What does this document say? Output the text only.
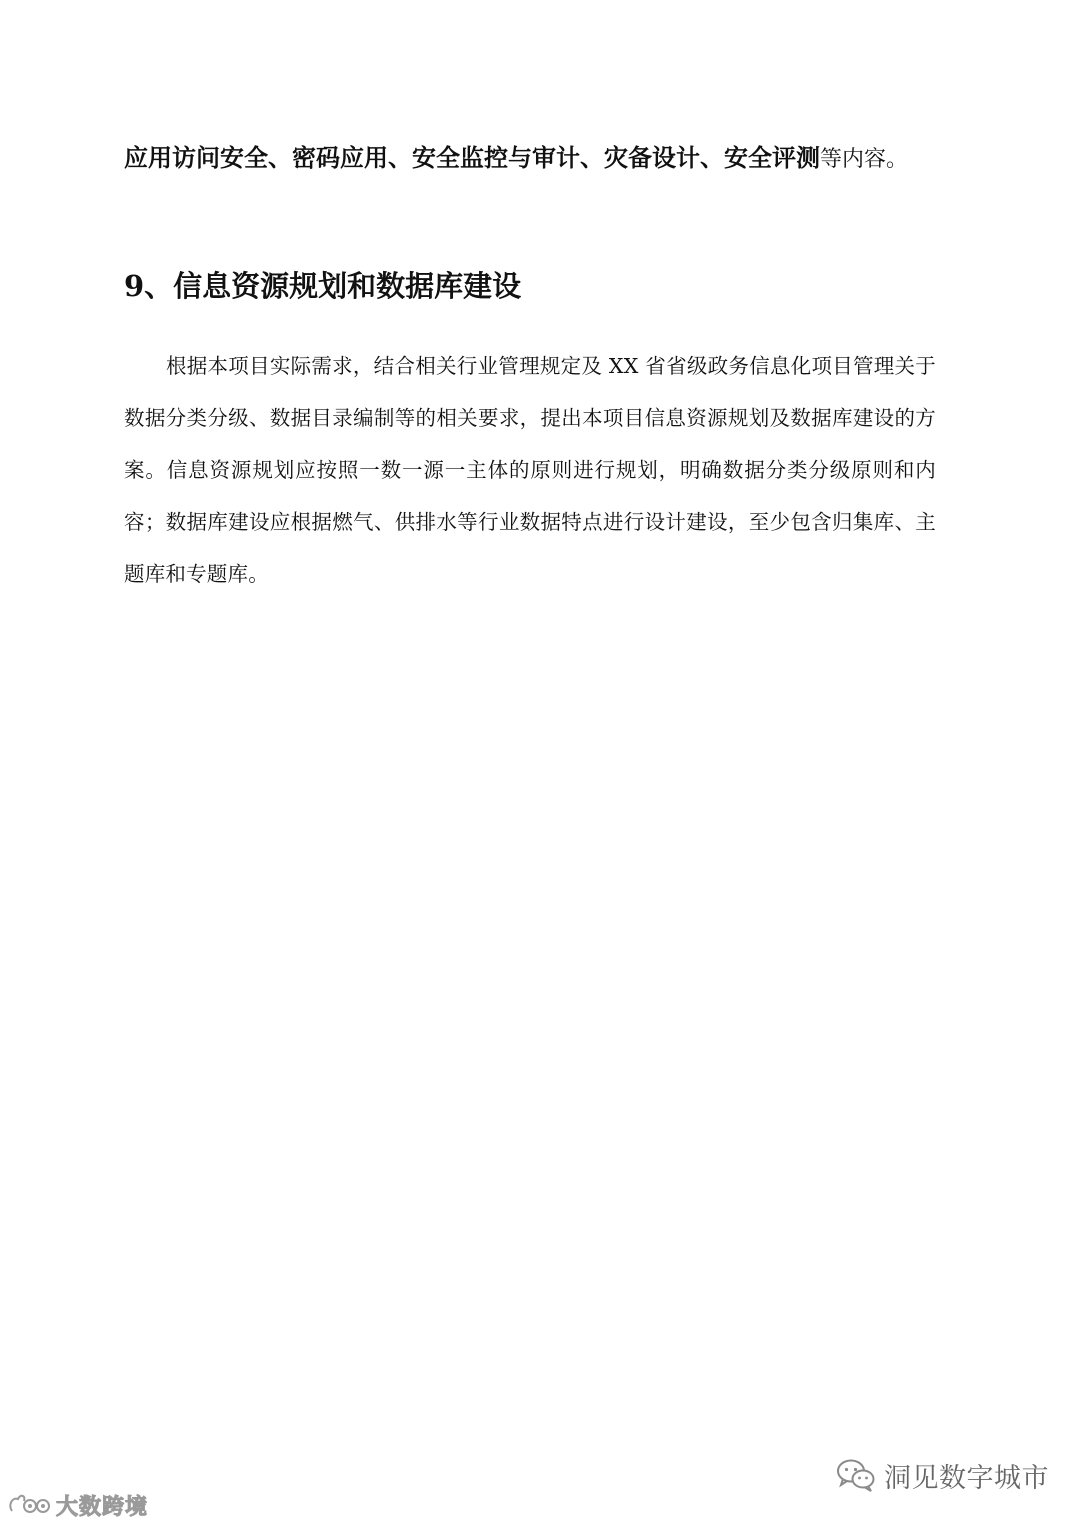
应用访问安全、密码应用、安全监控与审计、灾备设计、安全评测等内容。

9、信息资源规划和数据库建设

根据本项目实际需求，结合相关行业管理规定及 XX 省省级政务信息化项目管理关于数据分类分级、数据目录编制等的相关要求，提出本项目信息资源规划及数据库建设的方案。信息资源规划应按照一数一源一主体的原则进行规划，明确数据分类分级原则和内容；数据库建设应根据燃气、供排水等行业数据特点进行设计建设，至少包含归集库、主题库和专题库。

大数跨境
洞见数字城市
